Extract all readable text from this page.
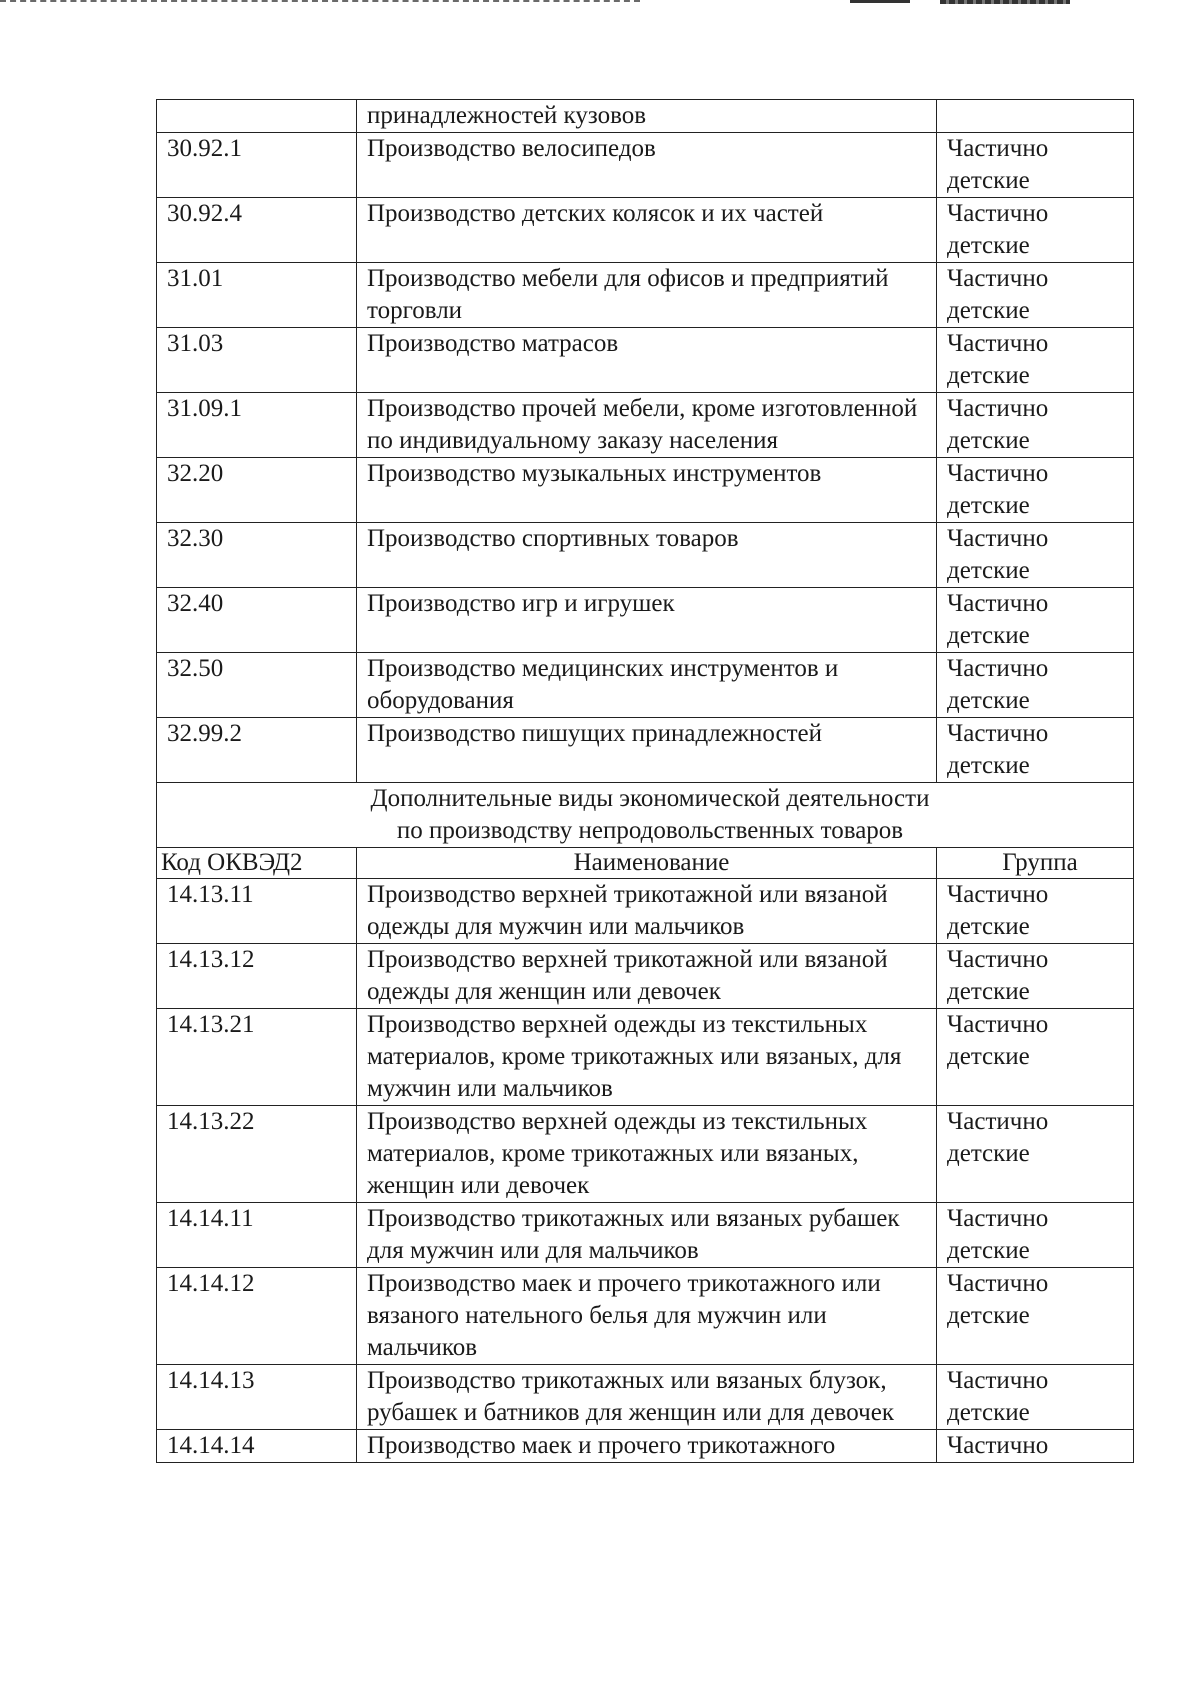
	принадлежностей кузовов	
30.92.1	Производство велосипедов	Частично детские
30.92.4	Производство детских колясок и их частей	Частично детские
31.01	Производство мебели для офисов и предприятий торговли	Частично детские
31.03	Производство матрасов	Частично детские
31.09.1	Производство прочей мебели, кроме изготовленной по индивидуальному заказу населения	Частично детские
32.20	Производство музыкальных инструментов	Частично детские
32.30	Производство спортивных товаров	Частично детские
32.40	Производство игр и игрушек	Частично детские
32.50	Производство медицинских инструментов и оборудования	Частично детские
32.99.2	Производство пишущих принадлежностей	Частично детские
Дополнительные виды экономической деятельности
по производству непродовольственных товаров		
Код ОКВЭД2	Наименование	Группа
14.13.11	Производство верхней трикотажной или вязаной одежды для мужчин или мальчиков	Частично детские
14.13.12	Производство верхней трикотажной или вязаной одежды для женщин или девочек	Частично детские
14.13.21	Производство верхней одежды из текстильных материалов, кроме трикотажных или вязаных, для мужчин или мальчиков	Частично детские
14.13.22	Производство верхней одежды из текстильных материалов, кроме трикотажных или вязаных, женщин или девочек	Частично детские
14.14.11	Производство трикотажных или вязаных рубашек для мужчин или для мальчиков	Частично детские
14.14.12	Производство маек и прочего трикотажного или вязаного нательного белья для мужчин или мальчиков	Частично детские
14.14.13	Производство трикотажных или вязаных блузок, рубашек и батников для женщин или для девочек	Частично детские
14.14.14	Производство маек и прочего трикотажного	Частично
